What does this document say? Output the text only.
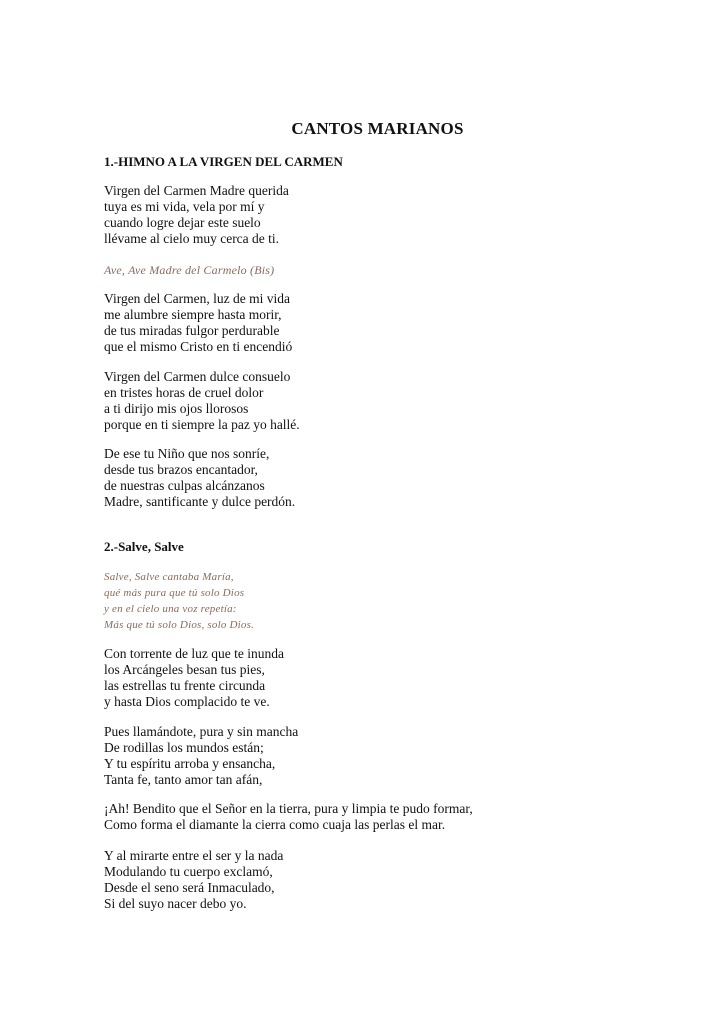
CANTOS MARIANOS
1.-HIMNO A LA VIRGEN DEL CARMEN
Virgen del Carmen Madre querida
tuya es mi vida, vela por mí y
cuando logre dejar este suelo
llévame al cielo muy cerca de ti.
Ave, Ave Madre del Carmelo (Bis)
Virgen del Carmen, luz de mi vida
me alumbre siempre hasta morir,
de tus miradas fulgor perdurable
que el mismo Cristo en ti encendió
Virgen del Carmen dulce consuelo
en tristes horas de cruel dolor
a ti dirijo mis ojos llorosos
porque en ti siempre la paz yo hallé.
De ese tu Niño que nos sonríe,
desde tus brazos encantador,
de nuestras culpas alcánzanos
Madre, santificante y dulce perdón.
2.-Salve, Salve
Salve, Salve cantaba María,
qué más pura que tú solo Dios
y en el cielo una voz repetía:
Más que tú solo Dios, solo Dios.
Con torrente de luz que te inunda
los Arcángeles besan tus pies,
las estrellas tu frente circunda
y hasta Dios complacido te ve.
Pues llamándote, pura y sin mancha
De rodillas los mundos están;
Y tu espíritu arroba y ensancha,
Tanta fe, tanto amor tan afán,
¡Ah! Bendito que el Señor en la tierra, pura y limpia te pudo formar,
Como forma el diamante la cierra como cuaja las perlas el mar.
Y al mirarte entre el ser y la nada
Modulando tu cuerpo exclamó,
Desde el seno será Inmaculado,
Si del suyo nacer debo yo.
